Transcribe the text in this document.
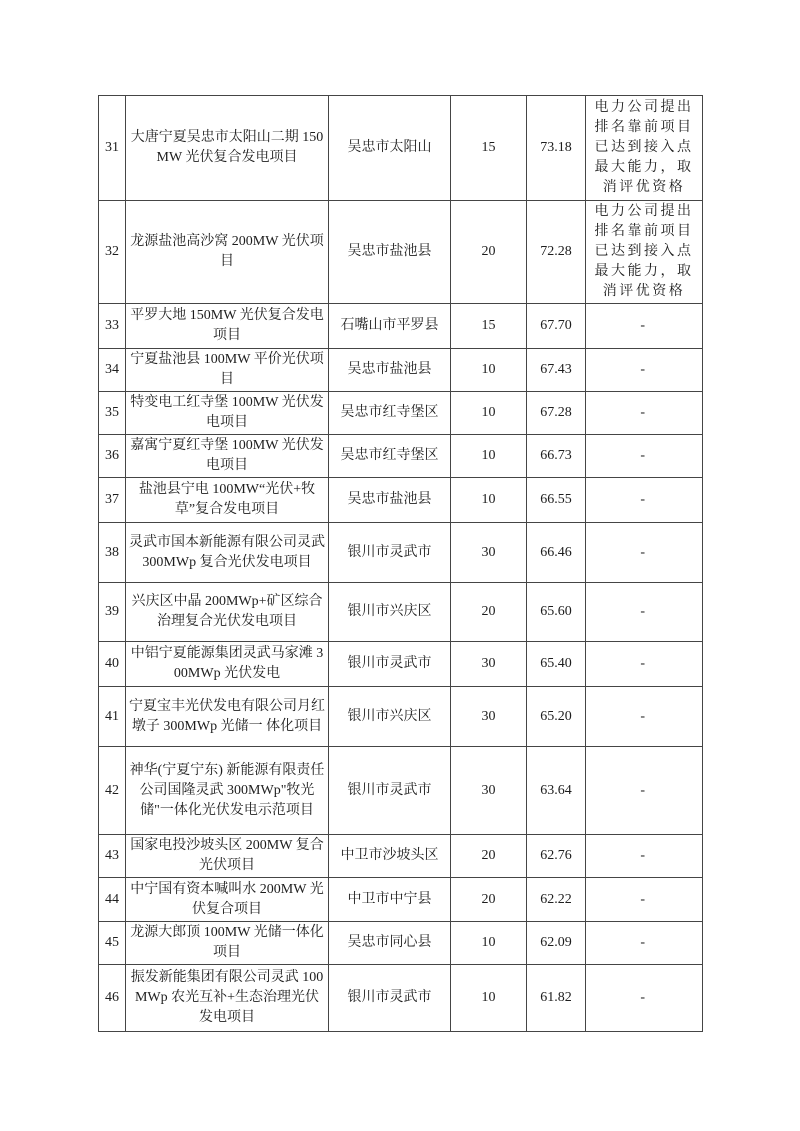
31	大唐宁夏吴忠市太阳山二期 150MW 光伏复合发电项目	吴忠市太阳山	15	73.18	电力公司提出排名靠前项目已达到接入点最大能力，取消评优资格
32	龙源盐池高沙窝 200MW 光伏项目	吴忠市盐池县	20	72.28	电力公司提出排名靠前项目已达到接入点最大能力，取消评优资格
33	平罗大地 150MW 光伏复合发电项目	石嘴山市平罗县	15	67.70	-
34	宁夏盐池县 100MW 平价光伏项目	吴忠市盐池县	10	67.43	-
35	特变电工红寺堡 100MW 光伏发电项目	吴忠市红寺堡区	10	67.28	-
36	嘉寓宁夏红寺堡 100MW 光伏发电项目	吴忠市红寺堡区	10	66.73	-
37	盐池县宁电 100MW“光伏+牧草”复合发电项目	吴忠市盐池县	10	66.55	-
38	灵武市国本新能源有限公司灵武 300MWp 复合光伏发电项目	银川市灵武市	30	66.46	-
39	兴庆区中晶 200MWp+矿区综合治理复合光伏发电项目	银川市兴庆区	20	65.60	-
40	中铝宁夏能源集团灵武马家滩 300MWp 光伏发电	银川市灵武市	30	65.40	-
41	宁夏宝丰光伏发电有限公司月红墩子 300MWp 光储一 体化项目	银川市兴庆区	30	65.20	-
42	神华(宁夏宁东) 新能源有限责任公司国隆灵武 300MWp"牧光储"一体化光伏发电示范项目	银川市灵武市	30	63.64	-
43	国家电投沙坡头区 200MW 复合光伏项目	中卫市沙坡头区	20	62.76	-
44	中宁国有资本喊叫水 200MW 光伏复合项目	中卫市中宁县	20	62.22	-
45	龙源大郎顶 100MW 光储一体化项目	吴忠市同心县	10	62.09	-
46	振发新能集团有限公司灵武 100MWp 农光互补+生态治理光伏发电项目	银川市灵武市	10	61.82	-
